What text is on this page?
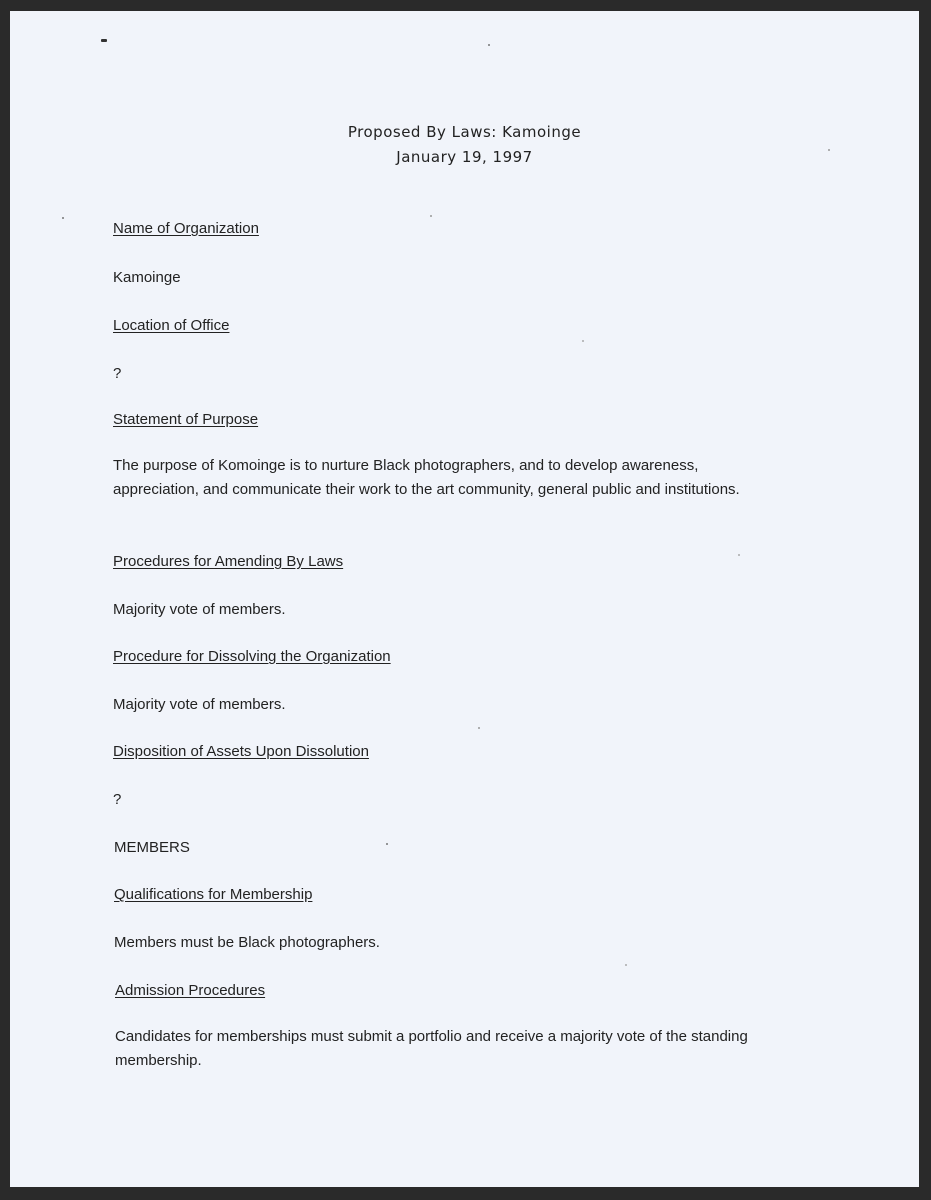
Proposed By Laws: Kamoinge
January 19, 1997
Name of Organization
Kamoinge
Location of Office
?
Statement of Purpose
The purpose of Komoinge is to nurture Black photographers, and to develop awareness, appreciation, and communicate their work to the art community, general public and institutions.
Procedures for Amending By Laws
Majority vote of members.
Procedure for Dissolving the Organization
Majority vote of members.
Disposition of Assets Upon Dissolution
?
MEMBERS
Qualifications for Membership
Members must be Black photographers.
Admission Procedures
Candidates for memberships must submit a portfolio and receive a majority vote of the standing membership.
